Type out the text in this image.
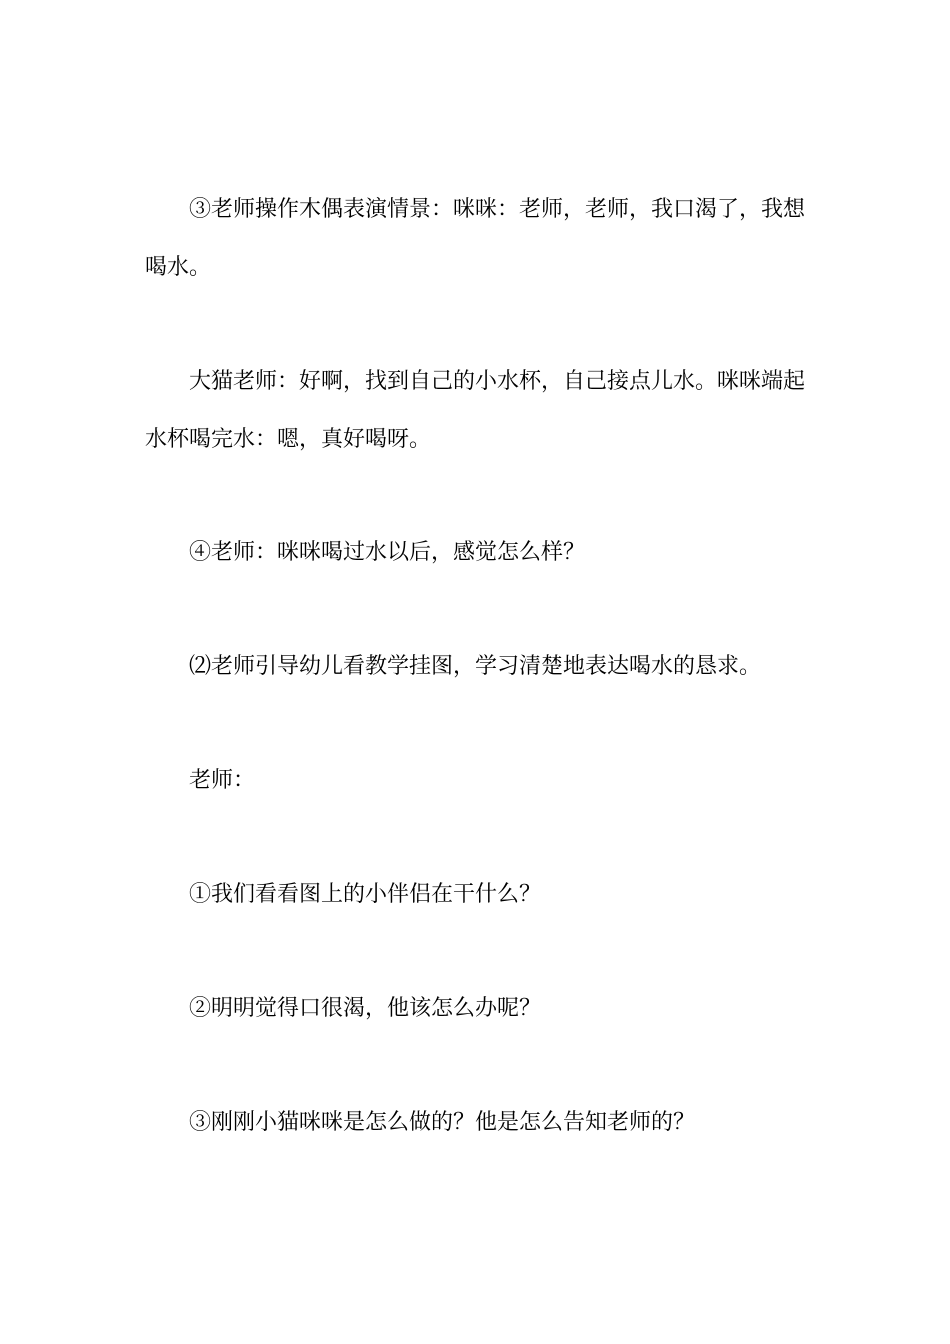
③老师操作木偶表演情景：咪咪：老师，老师，我口渴了，我想喝水。

大猫老师：好啊，找到自己的小水杯，自己接点儿水。咪咪端起水杯喝完水：嗯，真好喝呀。

④老师：咪咪喝过水以后，感觉怎么样？

⑵老师引导幼儿看教学挂图，学习清楚地表达喝水的恳求。

老师：

①我们看看图上的小伴侣在干什么？

②明明觉得口很渴，他该怎么办呢？

③刚刚小猫咪咪是怎么做的？他是怎么告知老师的？
